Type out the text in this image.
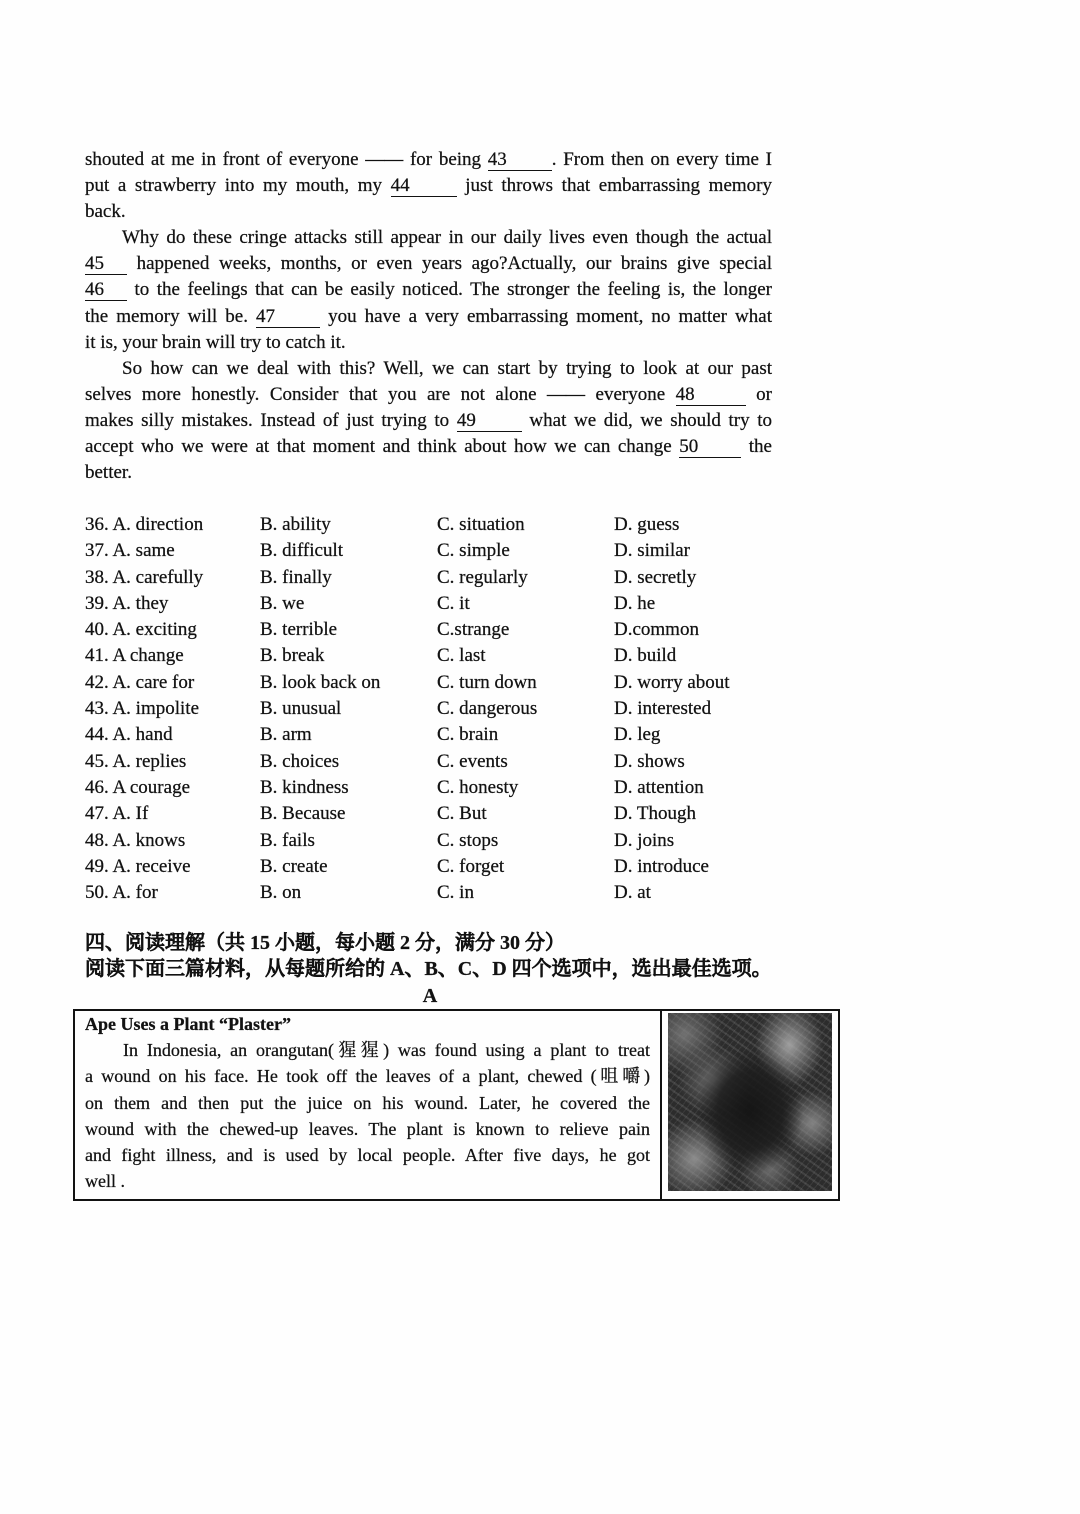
shouted at me in front of everyone —— for being 43 . From then on every time I
put a strawberry into my mouth, my 44 just throws that embarrassing memory
back.
Why do these cringe attacks still appear in our daily lives even though the actual
45 happened weeks, months, or even years ago?Actually, our brains give special
46 to the feelings that can be easily noticed. The stronger the feeling is, the longer
the memory will be. 47 you have a very embarrassing moment, no matter what
it is, your brain will try to catch it.
So how can we deal with this? Well, we can start by trying to look at our past
selves more honestly. Consider that you are not alone —— everyone 48	or
makes silly mistakes. Instead of just trying to 49 what we did, we should try to
accept who we were at that moment and think about how we can change 50 the
better.
36. A. direction	B. ability	C. situation	D. guess
37. A. same	B. difficult	C. simple	D. similar
38. A. carefully	B. finally	C. regularly	D. secretly
39. A. they	B. we	C. it	D. he
40. A. exciting	B. terrible	C.strange	D.common
41. A change	B. break	C. last	D. build
42. A. care for	B. look back on	C. turn down	D. worry about
43. A. impolite	B. unusual	C. dangerous	D. interested
44. A. hand	B. arm	C. brain	D. leg
45. A. replies	B. choices	C. events	D. shows
46. A courage	B. kindness	C. honesty	D. attention
47. A. If	B. Because	C. But	D. Though
48. A. knows	B. fails	C. stops	D. joins
49. A. receive	B. create	C. forget	D. introduce
50. A. for	B. on	C. in	D. at
四、阅读理解（共 15 小题，每小题 2 分，满分 30 分）
阅读下面三篇材料，从每题所给的 A、B、C、D 四个选项中，选出最佳选项。
A
Ape Uses a Plant “Plaster”
In Indonesia, an orangutan(猩猩) was found using a plant to treat
a wound on his face. He took off the leaves of a plant, chewed (咀嚼)
on them and then put the juice on his wound. Later, he covered the
wound with the chewed-up leaves. The plant is known to relieve pain
and fight illness, and is used by local people. After five days, he got
well .
